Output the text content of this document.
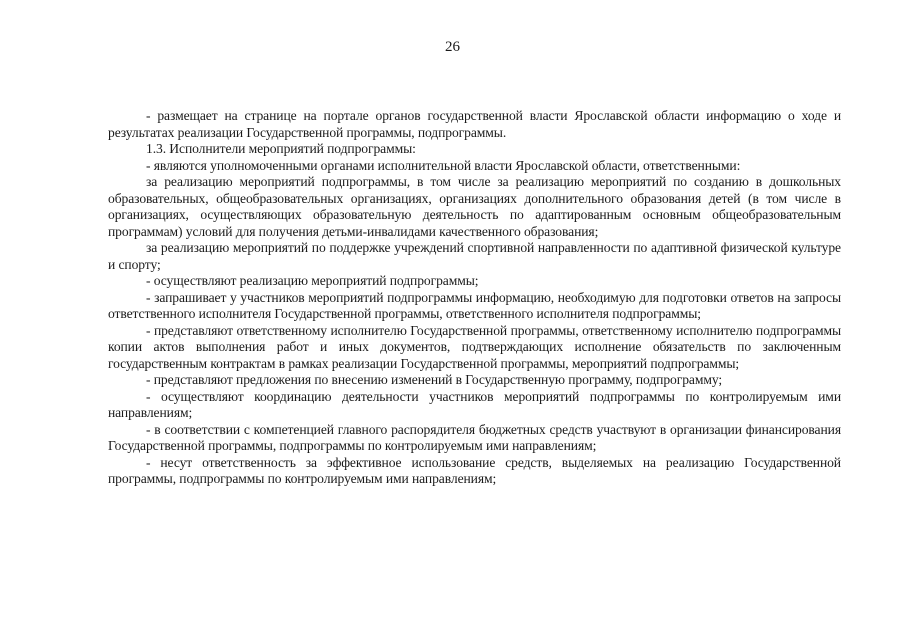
26

- размещает на странице на портале органов государственной власти Ярославской области информацию о ходе и результатах реализации Государственной программы, подпрограммы.

1.3. Исполнители мероприятий подпрограммы:

- являются уполномоченными органами исполнительной власти Ярославской области, ответственными:

за реализацию мероприятий подпрограммы, в том числе за реализацию мероприятий по созданию в дошкольных образовательных, общеобразовательных организациях, организациях дополнительного образования детей (в том числе в организациях, осуществляющих образовательную деятельность по адаптированным основным общеобразовательным программам) условий для получения детьми-инвалидами качественного образования;

за реализацию мероприятий по поддержке учреждений спортивной направленности по адаптивной физической культуре и спорту;

- осуществляют реализацию мероприятий подпрограммы;

- запрашивает у участников мероприятий подпрограммы информацию, необходимую для подготовки ответов на запросы ответственного исполнителя Государственной программы, ответственного исполнителя подпрограммы;

- представляют ответственному исполнителю Государственной программы, ответственному исполнителю подпрограммы копии актов выполнения работ и иных документов, подтверждающих исполнение обязательств по заключенным государственным контрактам в рамках реализации Государственной программы, мероприятий подпрограммы;

- представляют предложения по внесению изменений в Государственную программу, подпрограмму;

- осуществляют координацию деятельности участников мероприятий подпрограммы по контролируемым ими направлениям;

- в соответствии с компетенцией главного распорядителя бюджетных средств участвуют в организации финансирования Государственной программы, подпрограммы по контролируемым ими направлениям;

- несут ответственность за эффективное использование средств, выделяемых на реализацию Государственной программы, подпрограммы по контролируемым ими направлениям;
